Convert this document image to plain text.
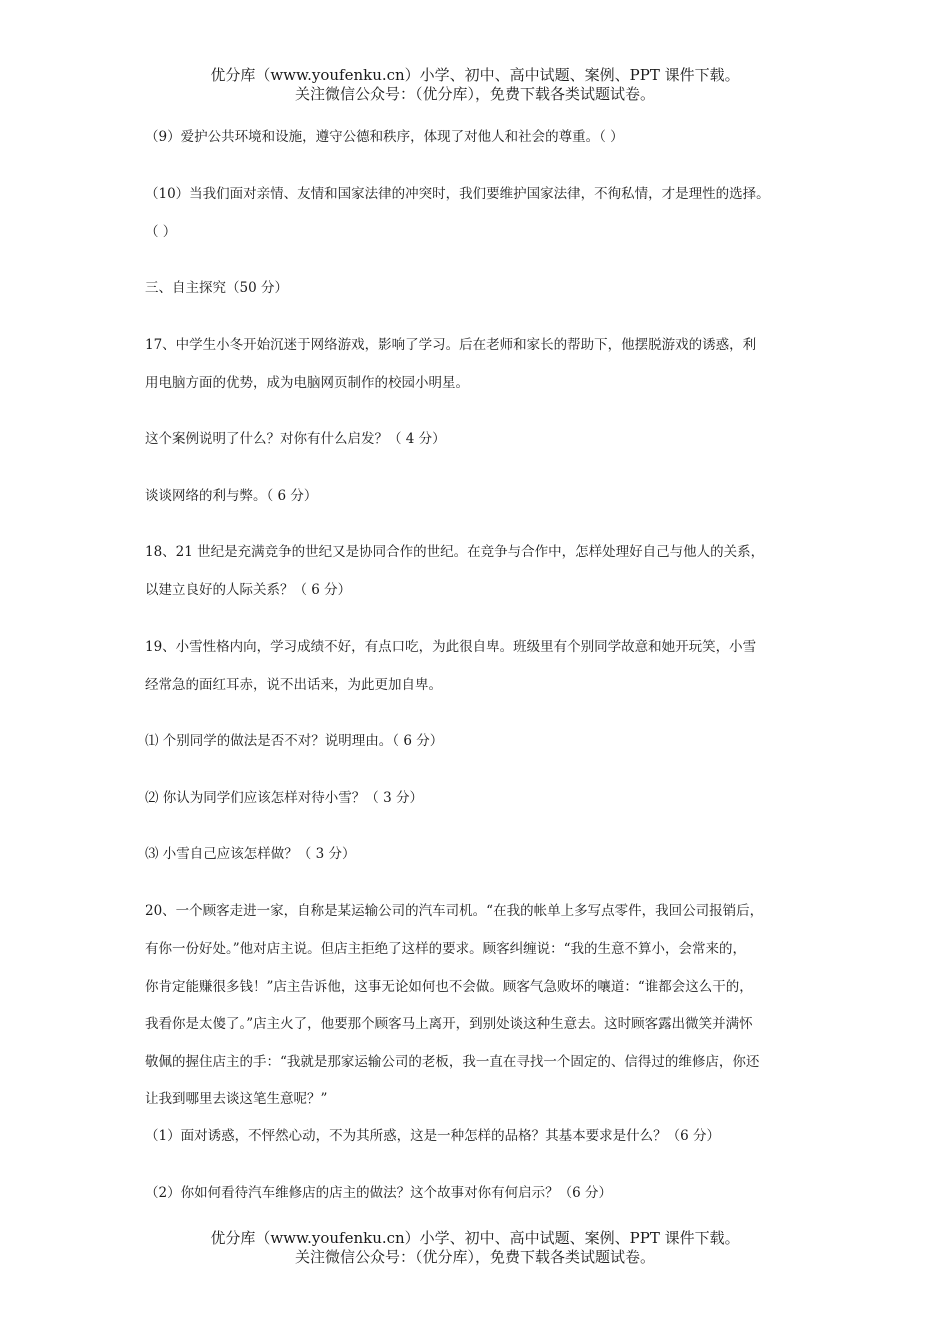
优分库（www.youfenku.cn）小学、初中、高中试题、案例、PPT 课件下载。
关注微信公众号：（优分库），免费下载各类试题试卷。
（9）爱护公共环境和设施，遵守公德和秩序，体现了对他人和社会的尊重。（ ）
（10）当我们面对亲情、友情和国家法律的冲突时，我们要维护国家法律，不徇私情，才是理性的选择。
（ ）
三、自主探究（50 分）
17、中学生小冬开始沉迷于网络游戏，影响了学习。后在老师和家长的帮助下，他摆脱游戏的诱惑，利
用电脑方面的优势，成为电脑网页制作的校园小明星。
这个案例说明了什么？对你有什么启发？（ 4 分）
谈谈网络的利与弊。（ 6 分）
18、21 世纪是充满竞争的世纪又是协同合作的世纪。在竞争与合作中，怎样处理好自己与他人的关系，
以建立良好的人际关系？（ 6 分）
19、小雪性格内向，学习成绩不好，有点口吃，为此很自卑。班级里有个别同学故意和她开玩笑，小雪
经常急的面红耳赤，说不出话来，为此更加自卑。
⑴ 个别同学的做法是否不对？说明理由。（ 6 分）
⑵ 你认为同学们应该怎样对待小雪？（ 3 分）
⑶ 小雪自己应该怎样做？（ 3 分）
20、一个顾客走进一家，自称是某运输公司的汽车司机。“在我的帐单上多写点零件，我回公司报销后，
有你一份好处。”他对店主说。但店主拒绝了这样的要求。顾客纠缠说：“我的生意不算小，会常来的，
你肯定能赚很多钱！”店主告诉他，这事无论如何也不会做。顾客气急败坏的嚷道：“谁都会这么干的，
我看你是太傻了。”店主火了，他要那个顾客马上离开，到别处谈这种生意去。这时顾客露出微笑并满怀
敬佩的握住店主的手：“我就是那家运输公司的老板，我一直在寻找一个固定的、信得过的维修店，你还
让我到哪里去谈这笔生意呢？”
（1）面对诱惑，不怦然心动，不为其所惑，这是一种怎样的品格？其基本要求是什么？（6 分）
（2）你如何看待汽车维修店的店主的做法？这个故事对你有何启示？（6 分）
优分库（www.youfenku.cn）小学、初中、高中试题、案例、PPT 课件下载。
关注微信公众号：（优分库），免费下载各类试题试卷。
